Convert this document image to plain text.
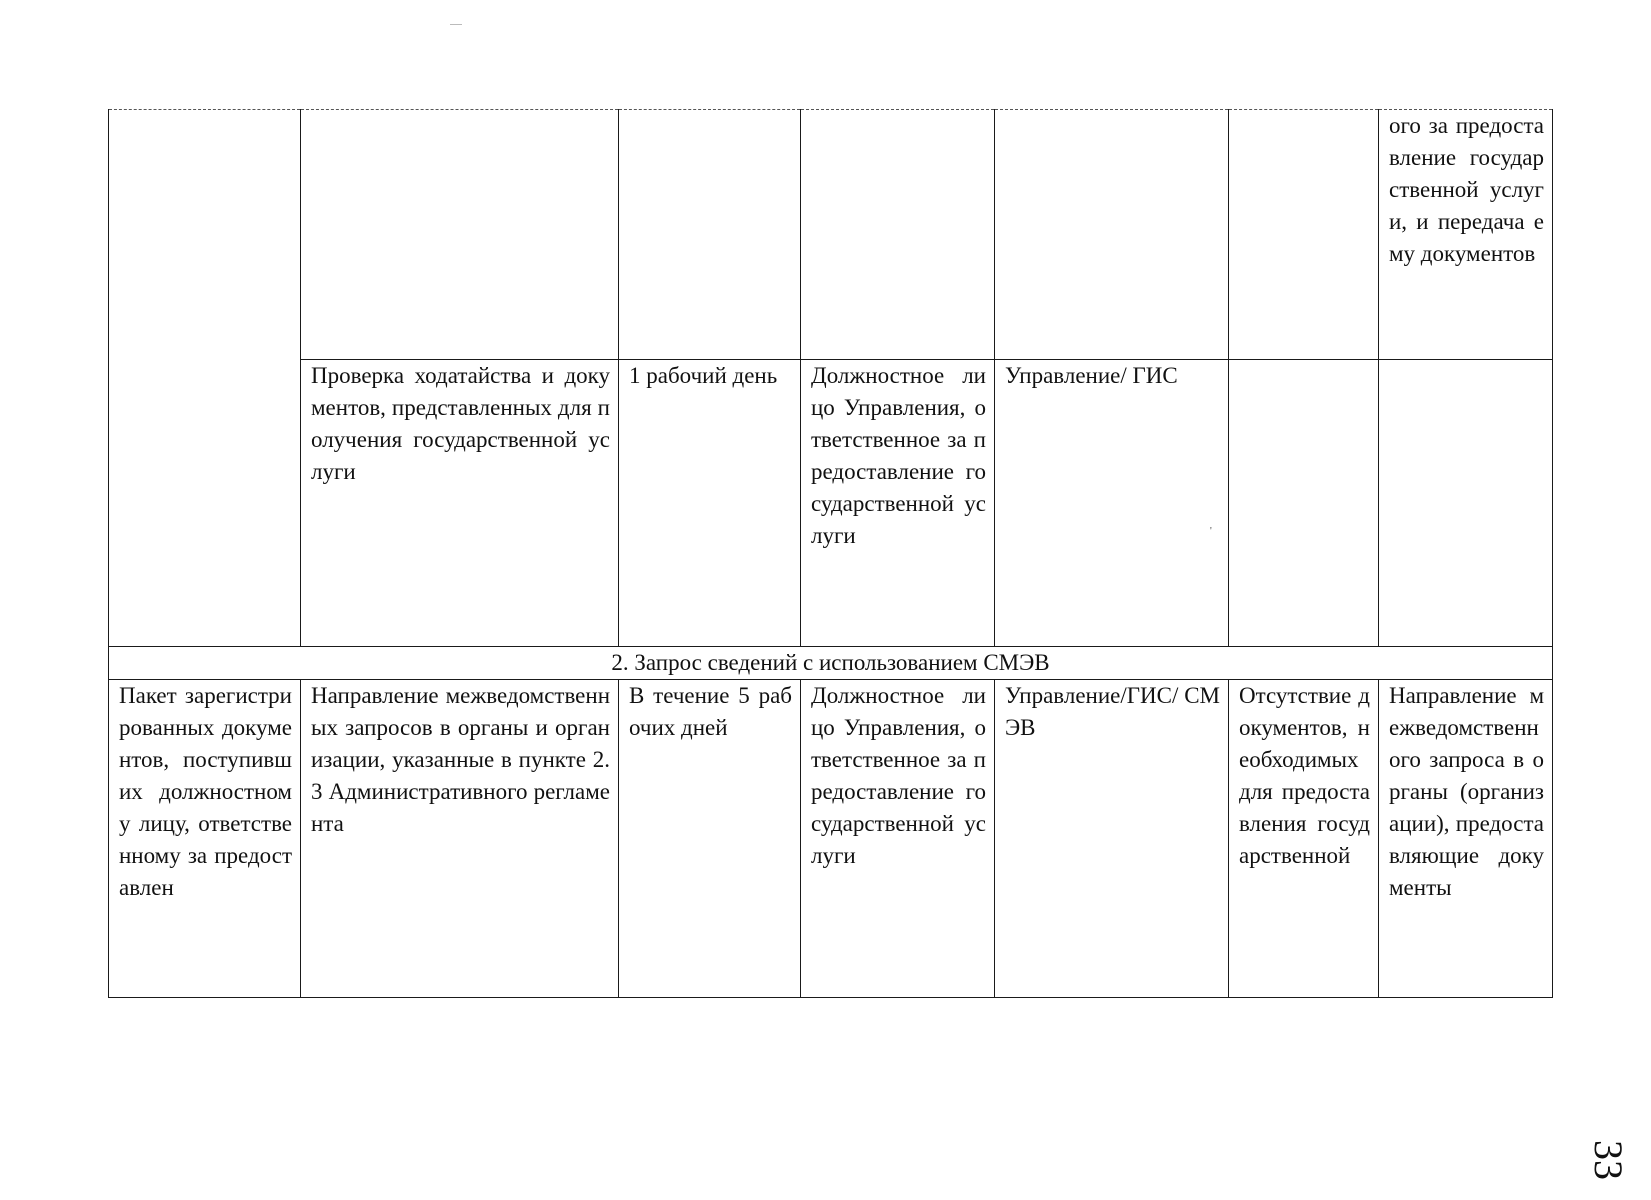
						ого за предоставление государственной услуги, и передача ему документов
	Проверка ходатайства и документов, представленных для получения государственной услуги	1 рабочий день	Должностное лицо Управления, ответственное за предоставление государственной услуги	Управление/ ГИС		
2. Запрос сведений с использованием СМЭВ						
Пакет зарегистрированных документов, поступивших должностному лицу, ответственному за предоставлен	Направление межведомственных запросов в органы и организации, указанные в пункте 2.3 Административного регламента	В течение 5 рабочих дней	Должностное лицо Управления, ответственное за предоставление государственной услуги	Управление/ГИС/ СМЭВ	Отсутствие документов, необходимых для предоставления государственной	Направление межведомственного запроса в органы (организации), предоставляющие документы
'
33
